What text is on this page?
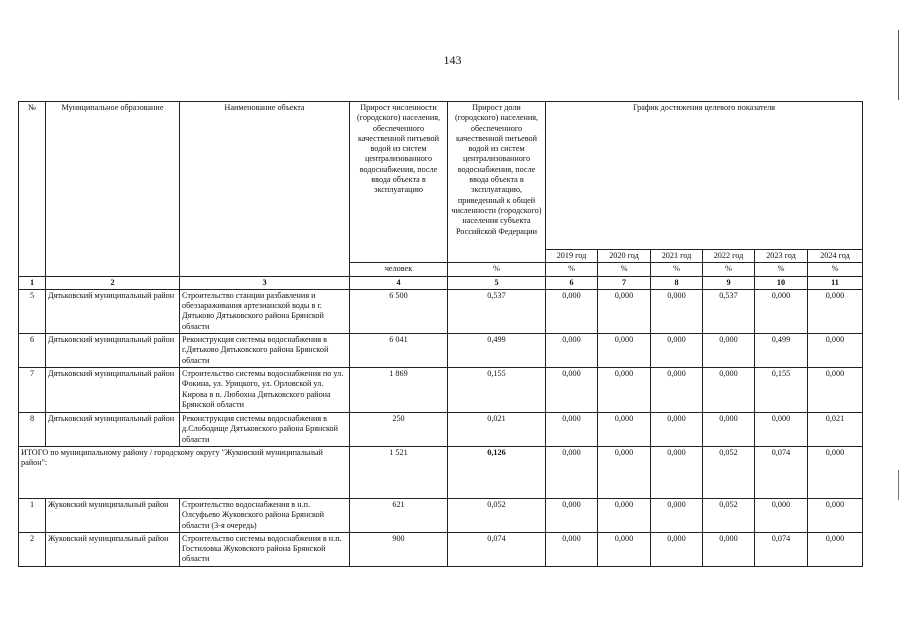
143
№	Муниципальное образование	Наименование объекта	Прирост численности (городского) населения, обеспеченного качественной питьевой водой из систем централизованного водоснабжения, после ввода объекта в эксплуатацию	Прирост доли (городского) населения, обеспеченного качественной питьевой водой из систем централизованного водоснабжения, после ввода объекта в эксплуатацию, приведенный к общей численности (городского) населения субъекта Российской Федерации	График достижения целевого показателя					
					2019 год	2020 год	2021 год	2022 год	2023 год	2024 год
			человек	%	%	%	%	%	%	%
1	2	3	4	5	6	7	8	9	10	11
5	Дятьковский муниципальный район	Строительство станции разбавления и обеззараживания артезианской воды в г. Дятьково Дятьковского района Брянской области	6 500	0,537	0,000	0,000	0,000	0,537	0,000	0,000
6	Дятьковский муниципальный район	Реконструкция системы водоснабжения в г.Дятьково Дятьковского района Брянской области	6 041	0,499	0,000	0,000	0,000	0,000	0,499	0,000
7	Дятьковский муниципальный район	Строительство системы водоснабжения по ул. Фокина, ул. Урицкого, ул. Орловской ул. Кирова в п. Любохна Дятьковского района Брянской области	1 869	0,155	0,000	0,000	0,000	0,000	0,155	0,000
8	Дятьковский муниципальный район	Реконструкция системы водоснабжения в д.Слободище Дятьковского района Брянской области	250	0,021	0,000	0,000	0,000	0,000	0,000	0,021
ИТОГО по муниципальному району / городскому округу "Жуковский муниципальный район":			1 521	0,126	0,000	0,000	0,000	0,052	0,074	0,000
1	Жуковский муниципальный район	Строительство водоснабжения в н.п. Олсуфьево Жуковского района Брянской области (3-я очередь)	621	0,052	0,000	0,000	0,000	0,052	0,000	0,000
2	Жуковский муниципальный район	Строительство системы водоснабжения в н.п. Гостиловка Жуковского района Брянской области	900	0,074	0,000	0,000	0,000	0,000	0,074	0,000
